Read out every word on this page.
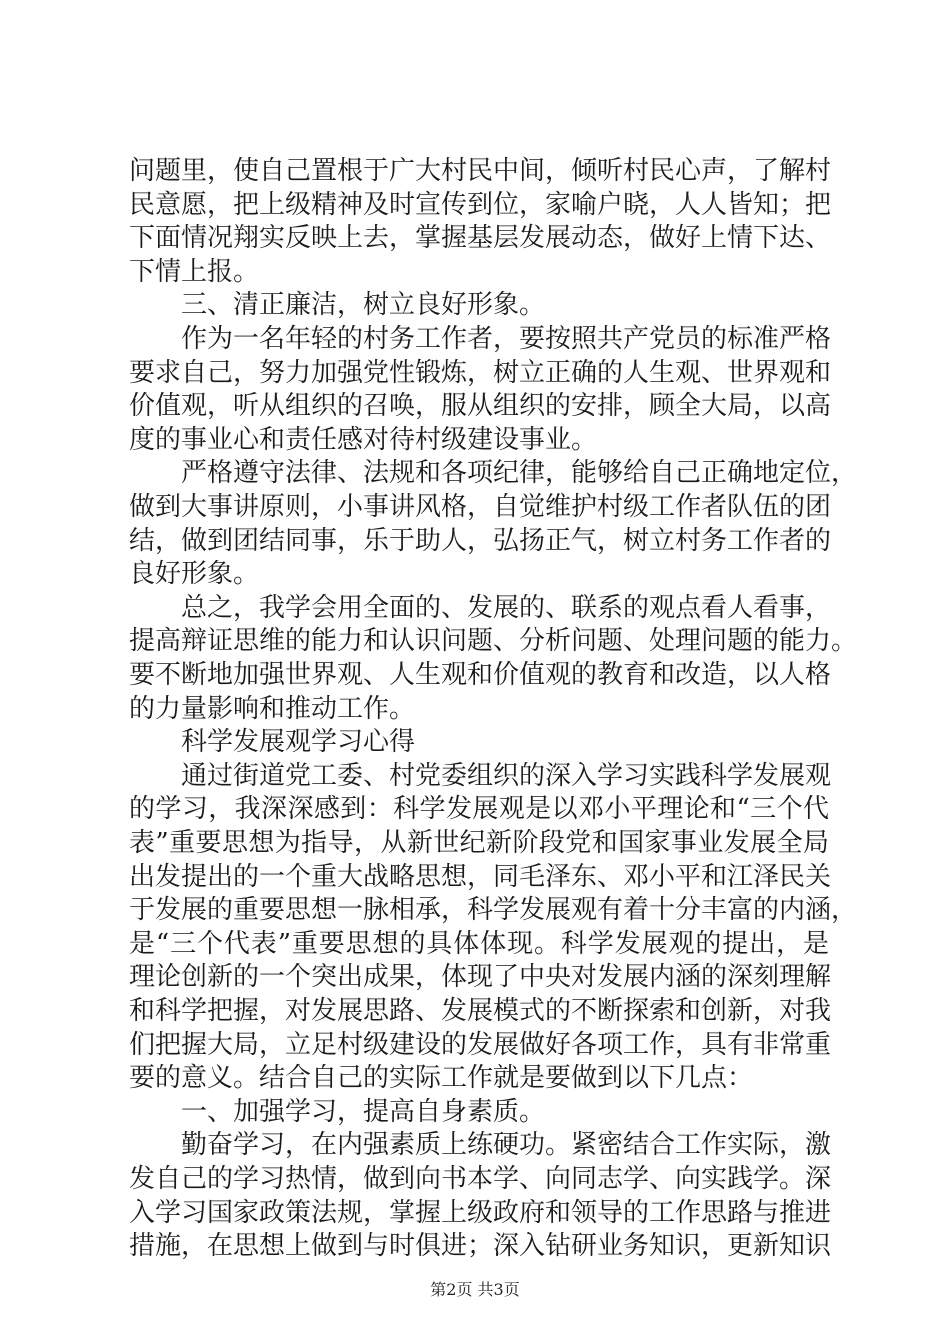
问题里，使自己置根于广大村民中间，倾听村民心声，了解村
民意愿，把上级精神及时宣传到位，家喻户晓，人人皆知；把
下面情况翔实反映上去，掌握基层发展动态，做好上情下达、
下情上报。
三、清正廉洁，树立良好形象。
作为一名年轻的村务工作者，要按照共产党员的标准严格
要求自己，努力加强党性锻炼，树立正确的人生观、世界观和
价值观，听从组织的召唤，服从组织的安排，顾全大局，以高
度的事业心和责任感对待村级建设事业。
严格遵守法律、法规和各项纪律，能够给自己正确地定位，
做到大事讲原则，小事讲风格，自觉维护村级工作者队伍的团
结，做到团结同事，乐于助人，弘扬正气，树立村务工作者的
良好形象。
总之，我学会用全面的、发展的、联系的观点看人看事，
提高辩证思维的能力和认识问题、分析问题、处理问题的能力。
要不断地加强世界观、人生观和价值观的教育和改造，以人格
的力量影响和推动工作。
科学发展观学习心得
通过街道党工委、村党委组织的深入学习实践科学发展观
的学习，我深深感到：科学发展观是以邓小平理论和“三个代
表”重要思想为指导，从新世纪新阶段党和国家事业发展全局
出发提出的一个重大战略思想，同毛泽东、邓小平和江泽民关
于发展的重要思想一脉相承，科学发展观有着十分丰富的内涵，
是“三个代表”重要思想的具体体现。科学发展观的提出，是
理论创新的一个突出成果，体现了中央对发展内涵的深刻理解
和科学把握，对发展思路、发展模式的不断探索和创新，对我
们把握大局，立足村级建设的发展做好各项工作，具有非常重
要的意义。结合自己的实际工作就是要做到以下几点：
一、加强学习，提高自身素质。
勤奋学习，在内强素质上练硬功。紧密结合工作实际，激
发自己的学习热情，做到向书本学、向同志学、向实践学。深
入学习国家政策法规，掌握上级政府和领导的工作思路与推进
措施，在思想上做到与时俱进；深入钻研业务知识，更新知识
第2页 共3页
